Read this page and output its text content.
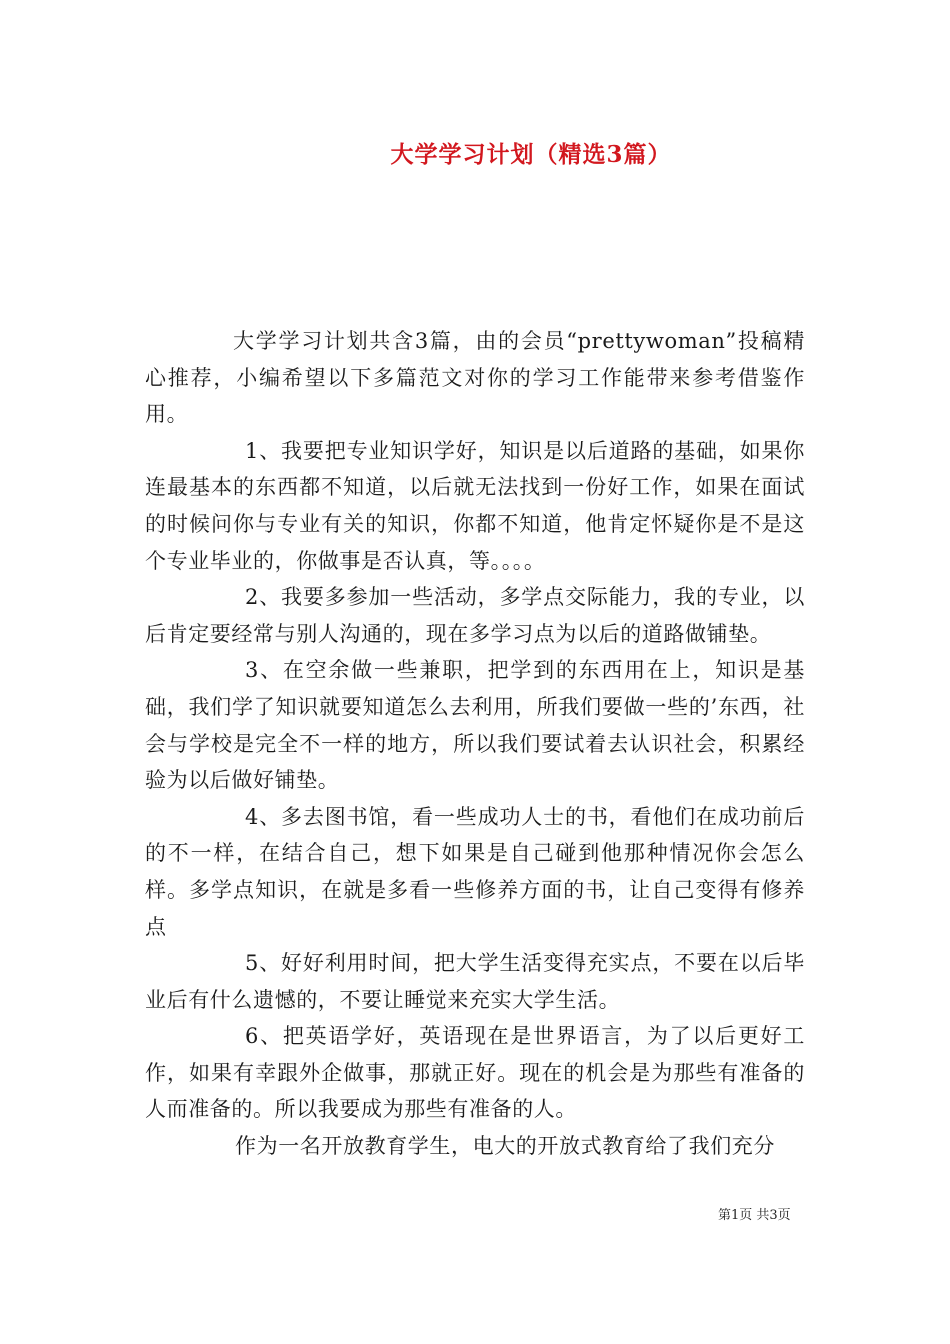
大学学习计划（精选3篇）

大学学习计划共含3篇，由的会员“prettywoman”投稿精心推荐，小编希望以下多篇范文对你的学习工作能带来参考借鉴作用。

1、我要把专业知识学好，知识是以后道路的基础，如果你连最基本的东西都不知道，以后就无法找到一份好工作，如果在面试的时候问你与专业有关的知识，你都不知道，他肯定怀疑你是不是这个专业毕业的，你做事是否认真，等。。。。

2、我要多参加一些活动，多学点交际能力，我的专业，以后肯定要经常与别人沟通的，现在多学习点为以后的道路做铺垫。

3、在空余做一些兼职，把学到的东西用在上，知识是基础，我们学了知识就要知道怎么去利用，所我们要做一些的’东西，社会与学校是完全不一样的地方，所以我们要试着去认识社会，积累经验为以后做好铺垫。

4、多去图书馆，看一些成功人士的书，看他们在成功前后的不一样，在结合自己，想下如果是自己碰到他那种情况你会怎么样。多学点知识，在就是多看一些修养方面的书，让自己变得有修养点

5、好好利用时间，把大学生活变得充实点，不要在以后毕业后有什么遗憾的，不要让睡觉来充实大学生活。

6、把英语学好，英语现在是世界语言，为了以后更好工作，如果有幸跟外企做事，那就正好。现在的机会是为那些有准备的人而准备的。所以我要成为那些有准备的人。

作为一名开放教育学生，电大的开放式教育给了我们充分

第1页 共3页
